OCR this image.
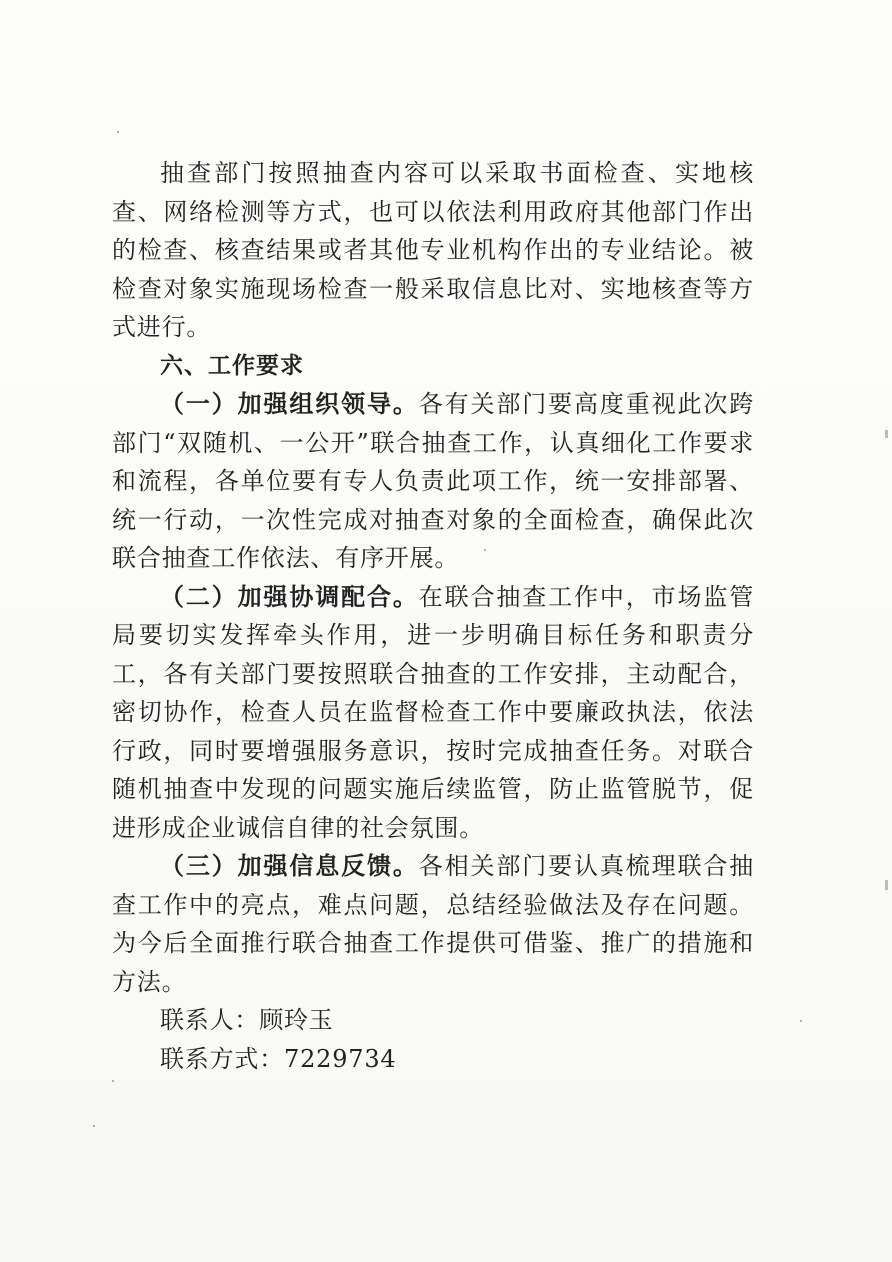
抽查部门按照抽查内容可以采取书面检查、实地核查、网络检测等方式，也可以依法利用政府其他部门作出的检查、核查结果或者其他专业机构作出的专业结论。被检查对象实施现场检查一般采取信息比对、实地核查等方式进行。

六、工作要求

（一）加强组织领导。各有关部门要高度重视此次跨部门“双随机、一公开”联合抽查工作，认真细化工作要求和流程，各单位要有专人负责此项工作，统一安排部署、统一行动，一次性完成对抽查对象的全面检查，确保此次联合抽查工作依法、有序开展。

（二）加强协调配合。在联合抽查工作中，市场监管局要切实发挥牵头作用，进一步明确目标任务和职责分工，各有关部门要按照联合抽查的工作安排，主动配合，密切协作，检查人员在监督检查工作中要廉政执法，依法行政，同时要增强服务意识，按时完成抽查任务。对联合随机抽查中发现的问题实施后续监管，防止监管脱节，促进形成企业诚信自律的社会氛围。

（三）加强信息反馈。各相关部门要认真梳理联合抽查工作中的亮点，难点问题，总结经验做法及存在问题。为今后全面推行联合抽查工作提供可借鉴、推广的措施和方法。

联系人：顾玲玉

联系方式：7229734
